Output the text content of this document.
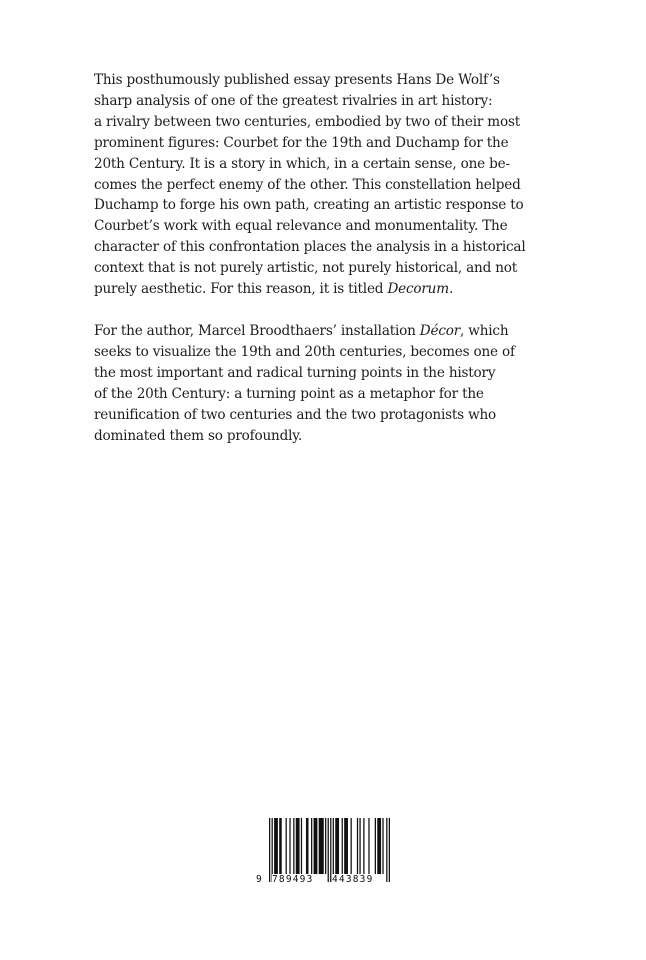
This posthumously published essay presents Hans De Wolf’s
sharp analysis of one of the greatest rivalries in art history:
a rivalry between two centuries, embodied by two of their most
prominent figures: Courbet for the 19th and Duchamp for the
20th Century. It is a story in which, in a certain sense, one be-
comes the perfect enemy of the other. This constellation helped
Duchamp to forge his own path, creating an artistic response to
Courbet’s work with equal relevance and monumentality. The
character of this confrontation places the analysis in a historical
context that is not purely artistic, not purely historical, and not
purely aesthetic. For this reason, it is titled Decorum.

For the author, Marcel Broodthaers’ installation Décor, which
seeks to visualize the 19th and 20th centuries, becomes one of
the most important and radical turning points in the history
of the 20th Century: a turning point as a metaphor for the
reunification of two centuries and the two protagonists who
dominated them so profoundly.

9 789493 443839
